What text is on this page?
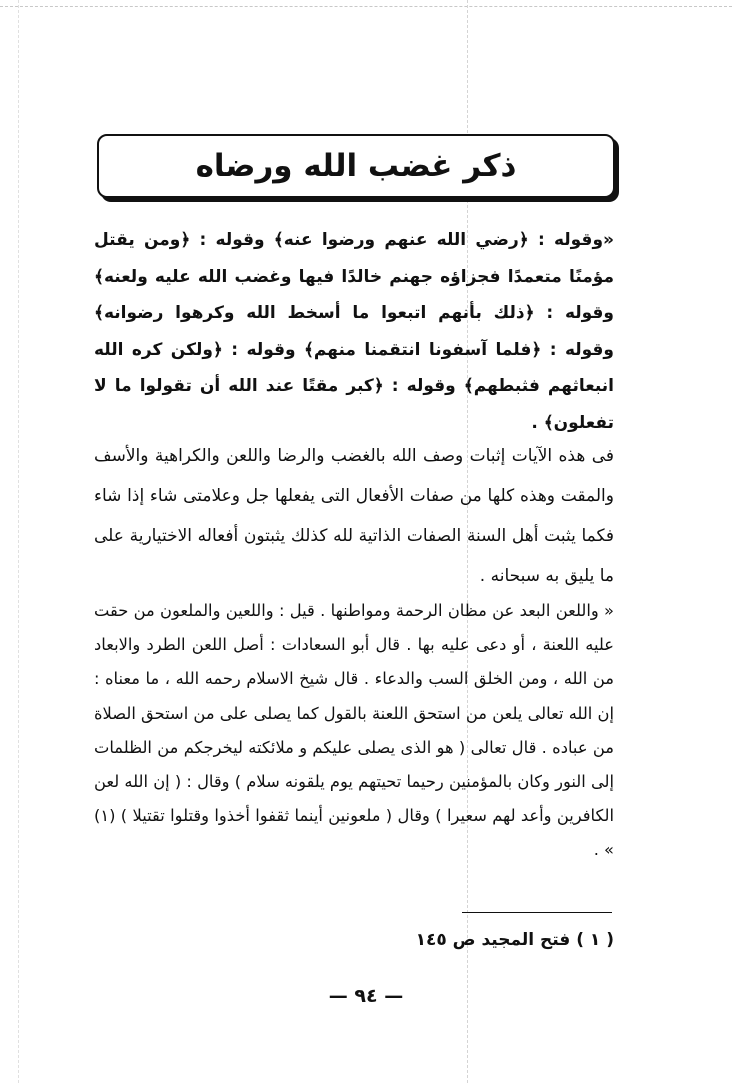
ذكر غضب الله ورضاه
«وقوله : ﴿رضي الله عنهم ورضوا عنه﴾ وقوله : ﴿ومن يقتل مؤمنًا متعمدًا فجزاؤه جهنم خالدًا فيها وغضب الله عليه ولعنه﴾ وقوله : ﴿ذلك بأنهم اتبعوا ما أسخط الله وكرهوا رضوانه﴾ وقوله : ﴿فلما آسفونا انتقمنا منهم﴾ وقوله : ﴿ولكن كره الله انبعاثهم فثبطهم﴾ وقوله : ﴿كبر مقتًا عند الله أن تقولوا ما لا تفعلون﴾ .
فى هذه الآيات إثبات وصف الله بالغضب والرضا واللعن والكراهية والأسف والمقت وهذه كلها من صفات الأفعال التى يفعلها جل وعلامتى شاء إذا شاء فكما يثبت أهل السنة الصفات الذاتية لله كذلك يثبتون أفعاله الاختيارية على ما يليق به سبحانه .
« واللعن البعد عن مظان الرحمة ومواطنها . قيل : واللعين والملعون من حقت عليه اللعنة ، أو دعى عليه بها . قال أبو السعادات : أصل اللعن الطرد والابعاد من الله ، ومن الخلق السب والدعاء . قال شيخ الاسلام رحمه الله ، ما معناه : إن الله تعالى يلعن من استحق اللعنة بالقول كما يصلى على من استحق الصلاة من عباده . قال تعالى ( هو الذى يصلى عليكم و ملائكته ليخرجكم من الظلمات إلى النور وكان بالمؤمنين رحيما تحيتهم يوم يلقونه سلام ) وقال : ( إن الله لعن الكافرين وأعد لهم سعيرا ) وقال ( ملعونين أينما ثقفوا أخذوا وقتلوا تقتيلا ) (١) » .
( ١ ) فتح المجيد ص ١٤٥
— ٩٤ —
